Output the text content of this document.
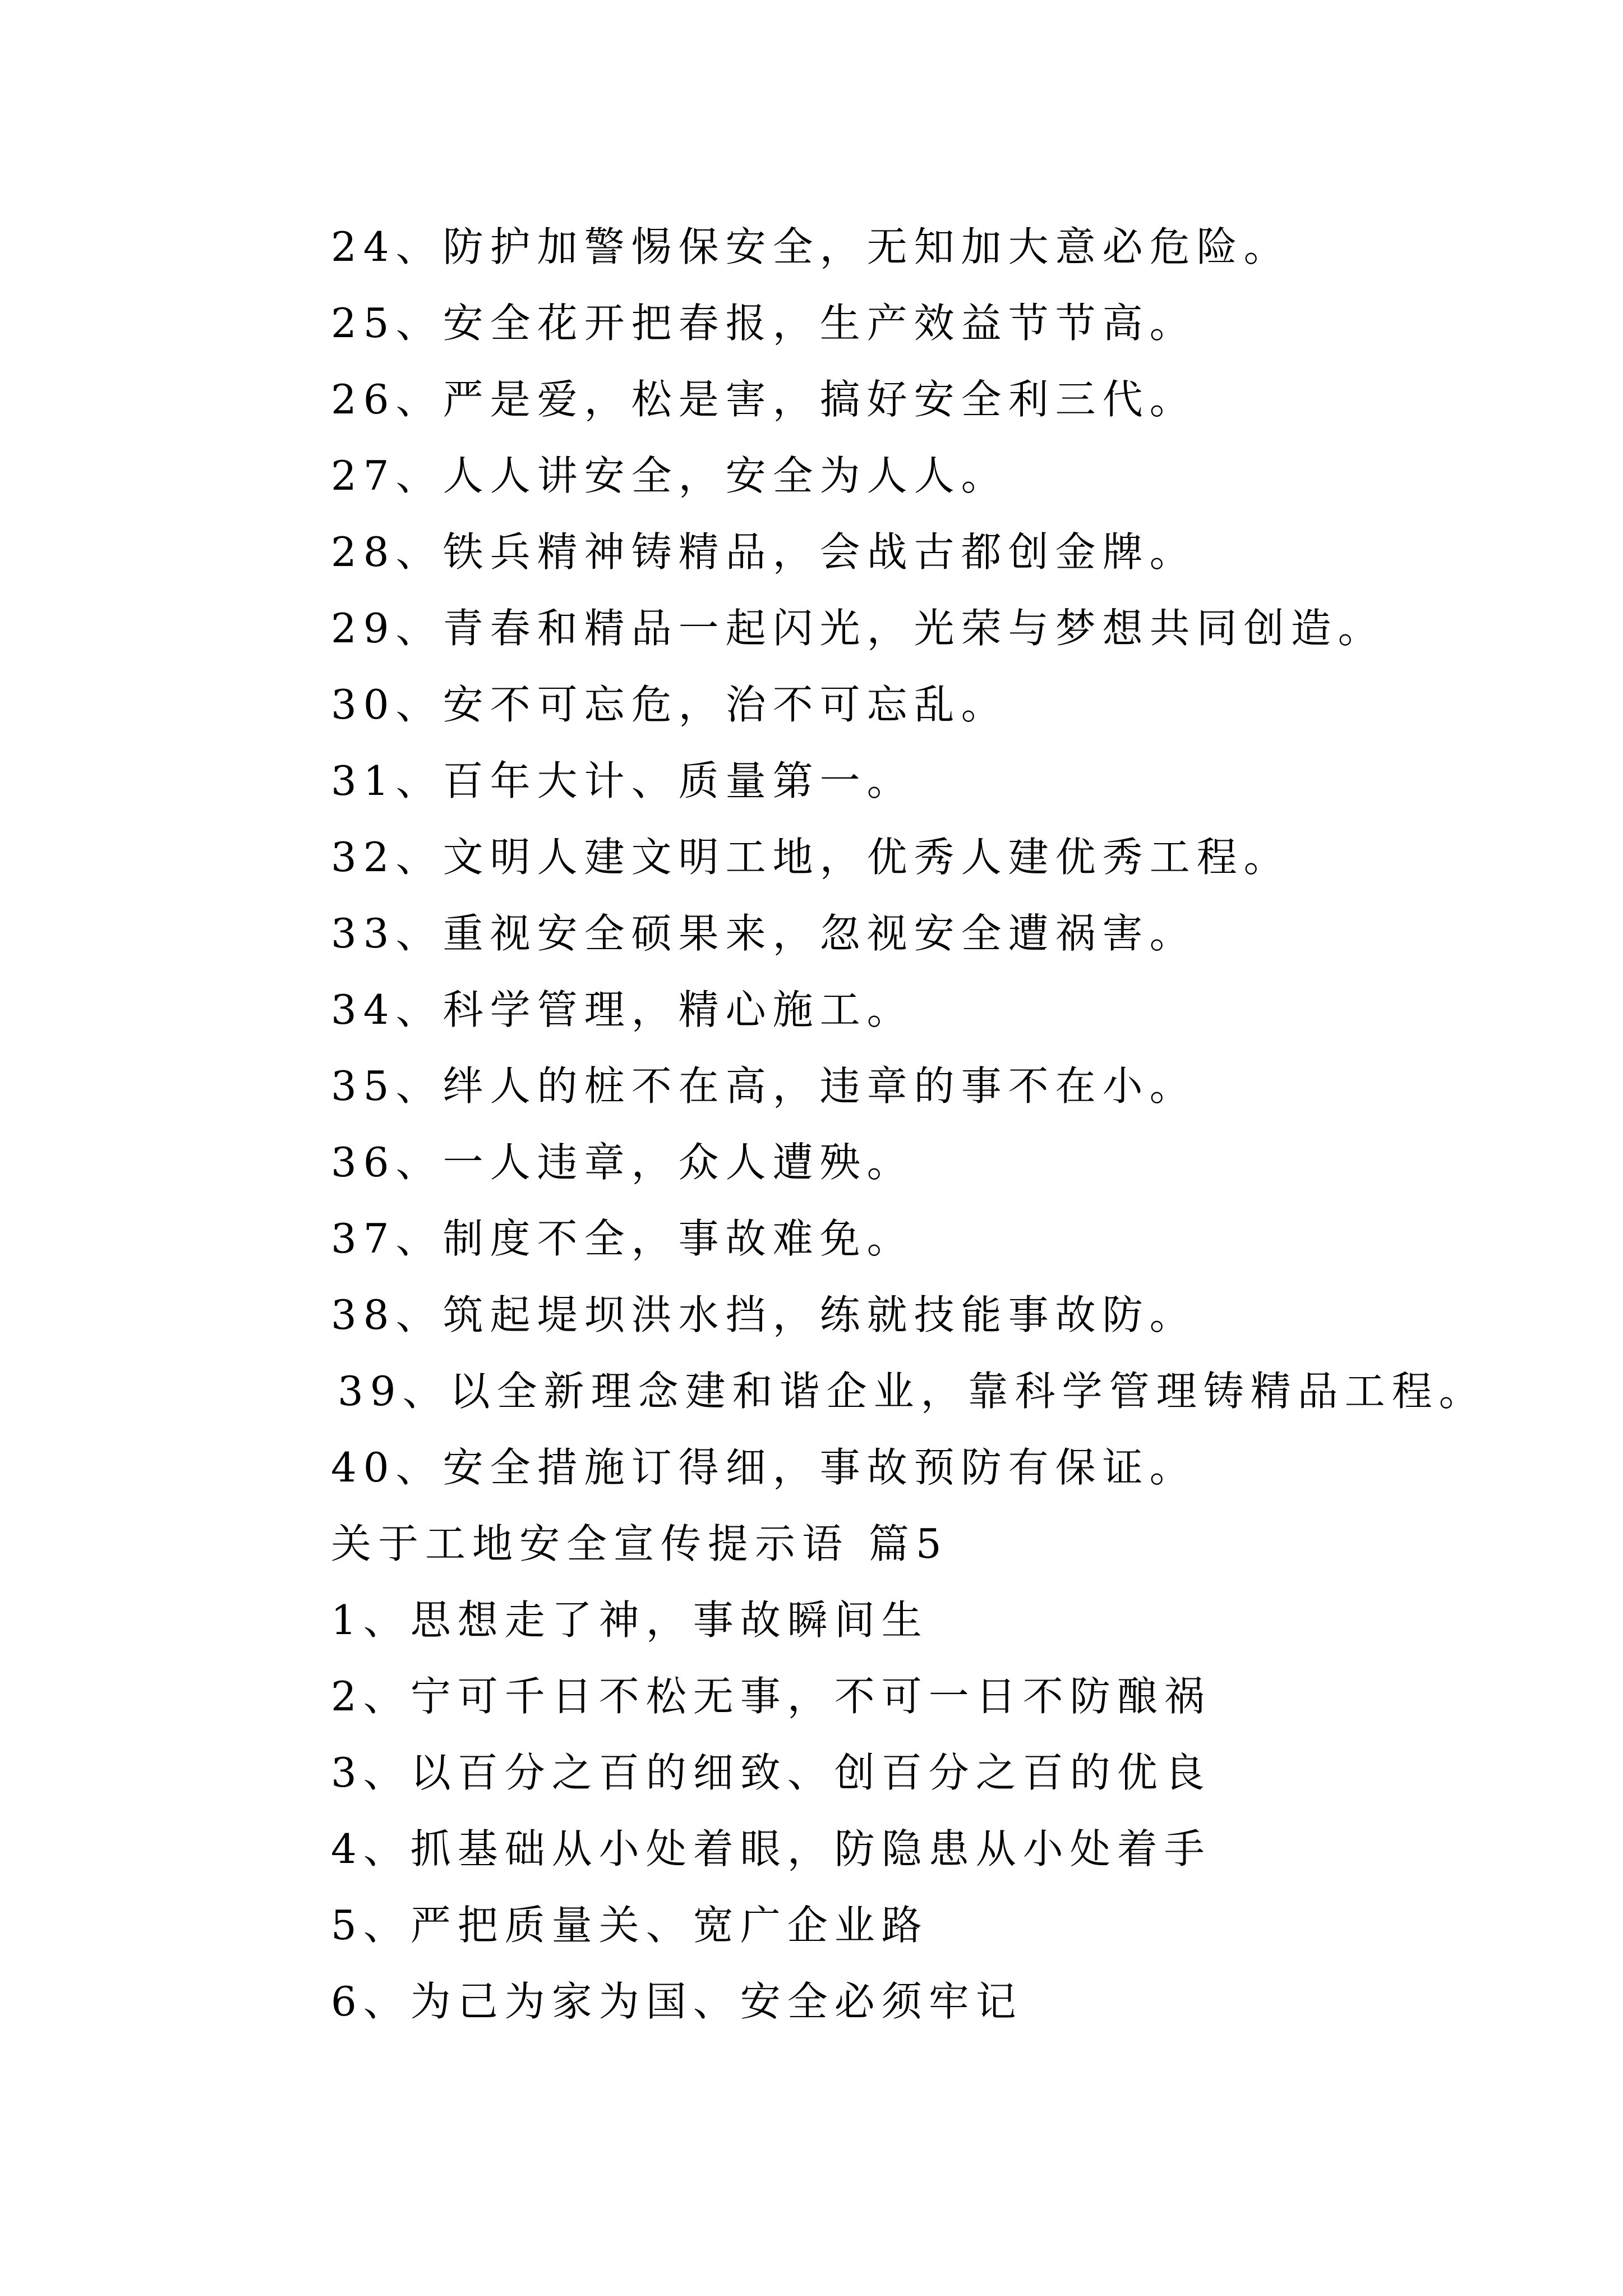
24、防护加警惕保安全，无知加大意必危险。
25、安全花开把春报，生产效益节节高。
26、严是爱，松是害，搞好安全利三代。
27、人人讲安全，安全为人人。
28、铁兵精神铸精品，会战古都创金牌。
29、青春和精品一起闪光，光荣与梦想共同创造。
30、安不可忘危，治不可忘乱。
31、百年大计、质量第一。
32、文明人建文明工地，优秀人建优秀工程。
33、重视安全硕果来，忽视安全遭祸害。
34、科学管理，精心施工。
35、绊人的桩不在高，违章的事不在小。
36、一人违章，众人遭殃。
37、制度不全，事故难免。
38、筑起堤坝洪水挡，练就技能事故防。
39、以全新理念建和谐企业，靠科学管理铸精品工程。
40、安全措施订得细，事故预防有保证。
关于工地安全宣传提示语 篇5
1、思想走了神，事故瞬间生
2、宁可千日不松无事，不可一日不防酿祸
3、以百分之百的细致、创百分之百的优良
4、抓基础从小处着眼，防隐患从小处着手
5、严把质量关、宽广企业路
6、为己为家为国、安全必须牢记
